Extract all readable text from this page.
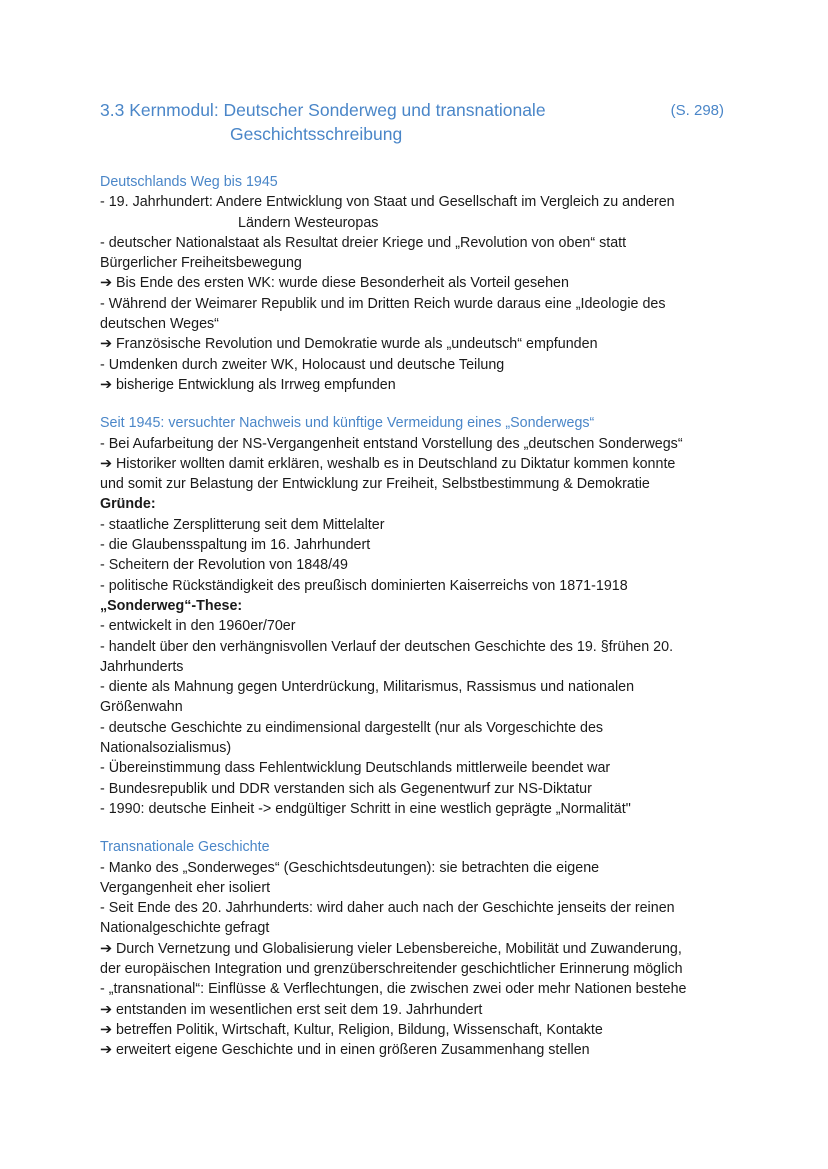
3.3 Kernmodul: Deutscher Sonderweg und transnationale
Geschichtsschreibung
(S. 298)
Deutschlands Weg bis 1945
- 19. Jahrhundert: Andere Entwicklung von Staat und Gesellschaft im Vergleich zu anderen
Ländern Westeuropas
- deutscher Nationalstaat als Resultat dreier Kriege und „Revolution von oben“ statt
Bürgerlicher Freiheitsbewegung
➔ Bis Ende des ersten WK: wurde diese Besonderheit als Vorteil gesehen
- Während der Weimarer Republik und im Dritten Reich wurde daraus eine „Ideologie des
deutschen Weges“
➔ Französische Revolution und Demokratie wurde als „undeutsch“ empfunden
- Umdenken durch zweiter WK, Holocaust und deutsche Teilung
➔ bisherige Entwicklung als Irrweg empfunden
Seit 1945: versuchter Nachweis und künftige Vermeidung eines „Sonderwegs“
- Bei Aufarbeitung der NS-Vergangenheit entstand Vorstellung des „deutschen Sonderwegs“
➔ Historiker wollten damit erklären, weshalb es in Deutschland zu Diktatur kommen konnte
und somit zur Belastung der Entwicklung zur Freiheit, Selbstbestimmung & Demokratie
Gründe:
- staatliche Zersplitterung seit dem Mittelalter
- die Glaubensspaltung im 16. Jahrhundert
- Scheitern der Revolution von 1848/49
- politische Rückständigkeit des preußisch dominierten Kaiserreichs von 1871-1918
„Sonderweg“-These:
- entwickelt in den 1960er/70er
- handelt über den verhängnisvollen Verlauf der deutschen Geschichte des 19. §frühen 20.
Jahrhunderts
- diente als Mahnung gegen Unterdrückung, Militarismus, Rassismus und nationalen
Größenwahn
- deutsche Geschichte zu eindimensional dargestellt (nur als Vorgeschichte des
Nationalsozialismus)
- Übereinstimmung dass Fehlentwicklung Deutschlands mittlerweile beendet war
- Bundesrepublik und DDR verstanden sich als Gegenentwurf zur NS-Diktatur
- 1990: deutsche Einheit -> endgültiger Schritt in eine westlich geprägte „Normalität"
Transnationale Geschichte
- Manko des „Sonderweges“ (Geschichtsdeutungen): sie betrachten die eigene
Vergangenheit eher isoliert
- Seit Ende des 20. Jahrhunderts: wird daher auch nach der Geschichte jenseits der reinen
Nationalgeschichte gefragt
➔ Durch Vernetzung und Globalisierung vieler Lebensbereiche, Mobilität und Zuwanderung,
der europäischen Integration und grenzüberschreitender geschichtlicher Erinnerung möglich
- „transnational“: Einflüsse & Verflechtungen, die zwischen zwei oder mehr Nationen bestehe
➔ entstanden im wesentlichen erst seit dem 19. Jahrhundert
➔ betreffen Politik, Wirtschaft, Kultur, Religion, Bildung, Wissenschaft, Kontakte
➔ erweitert eigene Geschichte und in einen größeren Zusammenhang stellen
